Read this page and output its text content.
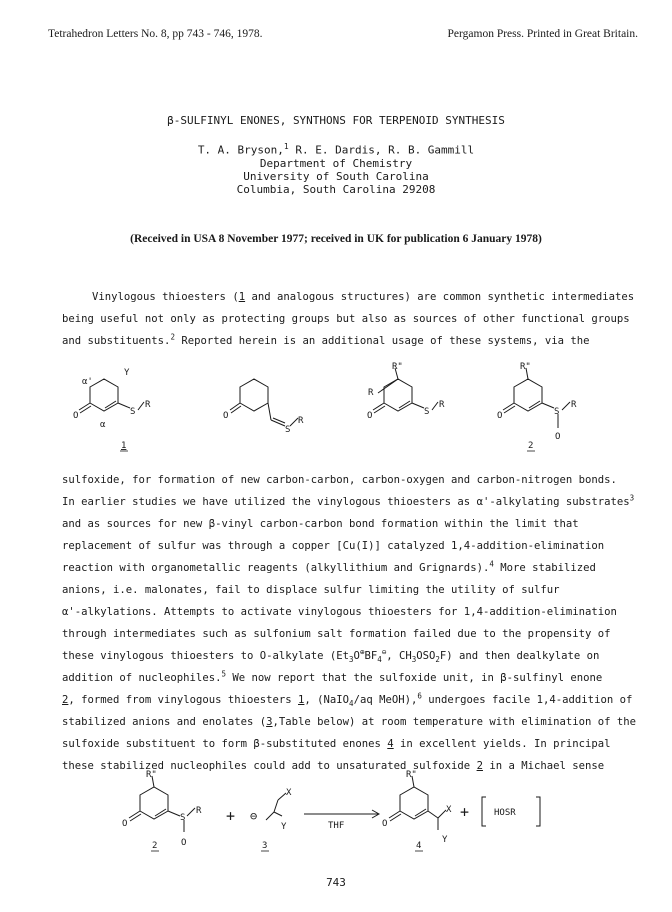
Tetrahedron Letters No. 8, pp 743 - 746, 1978.	Pergamon Press. Printed in Great Britain.
β-SULFINYL ENONES, SYNTHONS FOR TERPENOID SYNTHESIS
T. A. Bryson,$^1$ R. E. Dardis, R. B. Gammill
Department of Chemistry
University of South Carolina
Columbia, South Carolina 29208
(Received in USA 8 November 1977; received in UK for publication 6 January 1978)
Vinylogous thioesters (1 and analogous structures) are common synthetic intermediates
being useful not only as protecting groups but also as sources of other functional groups
and substituents.$^2$ Reported herein is an additional usage of these systems, via the
α'
Y
O	S
R
α
1
O
S
R
R"
R
O	S
R
R"
O	S
R
O
2
sulfoxide, for formation of new carbon-carbon, carbon-oxygen and carbon-nitrogen bonds.
In earlier studies we have utilized the vinylogous thioesters as α'-alkylating substrates$^3$
and as sources for new β-vinyl carbon-carbon bond formation within the limit that
replacement of sulfur was through a copper [Cu(I)] catalyzed 1,4-addition-elimination
reaction with organometallic reagents (alkyllithium and Grignards).$^4$ More stabilized
anions, i.e. malonates, fail to displace sulfur limiting the utility of sulfur
α'-alkylations. Attempts to activate vinylogous thioesters for 1,4-addition-elimination
through intermediates such as sulfonium salt formation failed due to the propensity of
these vinylogous thioesters to O-alkylate ($Et_3O^\oplus BF_4^⊖$, $CH_3OSO_2F$) and then dealkylate on
addition of nucleophiles.$^5$ We now report that the sulfoxide unit, in β-sulfinyl enone
2, formed from vinylogous thioesters 1, (NaIO$_4$/aq MeOH),$^6$ undergoes facile 1,4-addition of
stabilized anions and enolates (3,Table below) at room temperature with elimination of the
sulfoxide substituent to form β-substituted enones 4 in excellent yields. In principal
these stabilized nucleophiles could add to unsaturated sulfoxide 2 in a Michael sense
R"
O
S
R
O
2
+ ⊖
X
Y
3
THF
R"
O
X
Y
4
+	HOSR
743
